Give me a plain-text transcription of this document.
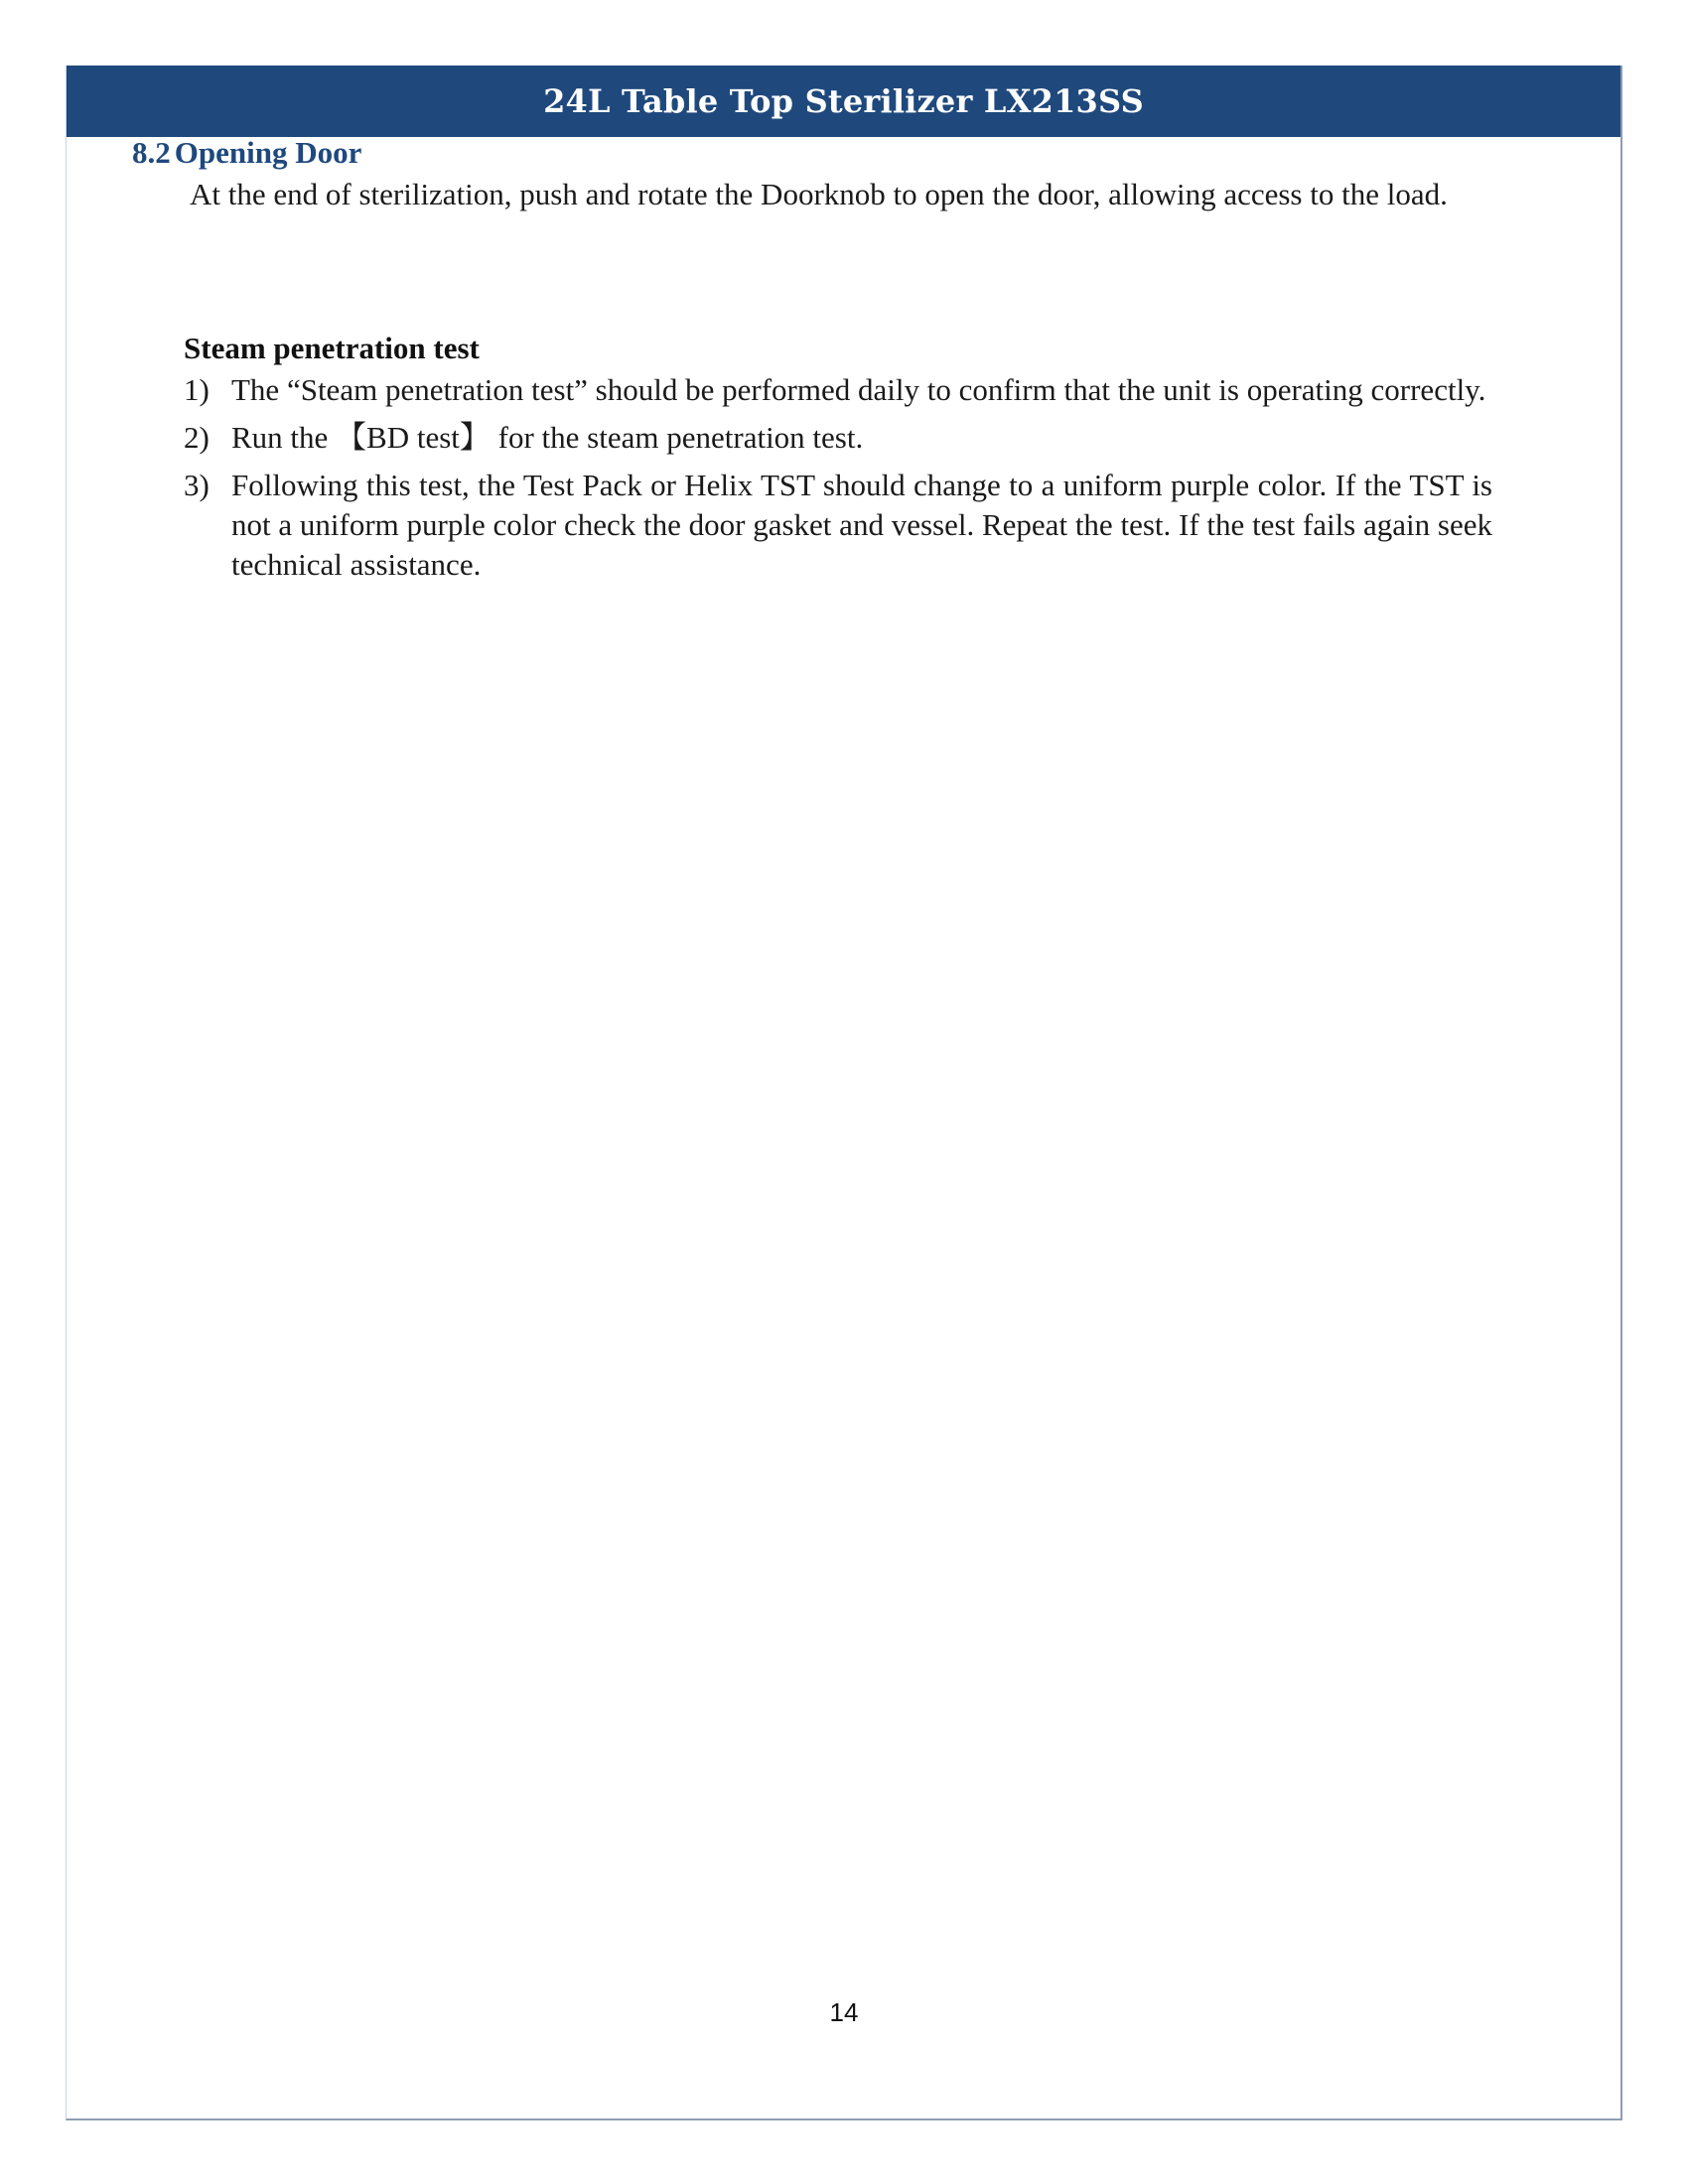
24L Table Top Sterilizer LX213SS
8.2 Opening Door

At the end of sterilization, push and rotate the Doorknob to open the door, allowing access to the load.

Steam penetration test
1) The “Steam penetration test” should be performed daily to confirm that the unit is operating correctly.
2) Run the 【BD test】 for the steam penetration test.
3) Following this test, the Test Pack or Helix TST should change to a uniform purple color. If the TST is not a uniform purple color check the door gasket and vessel. Repeat the test. If the test fails again seek technical assistance.
14
